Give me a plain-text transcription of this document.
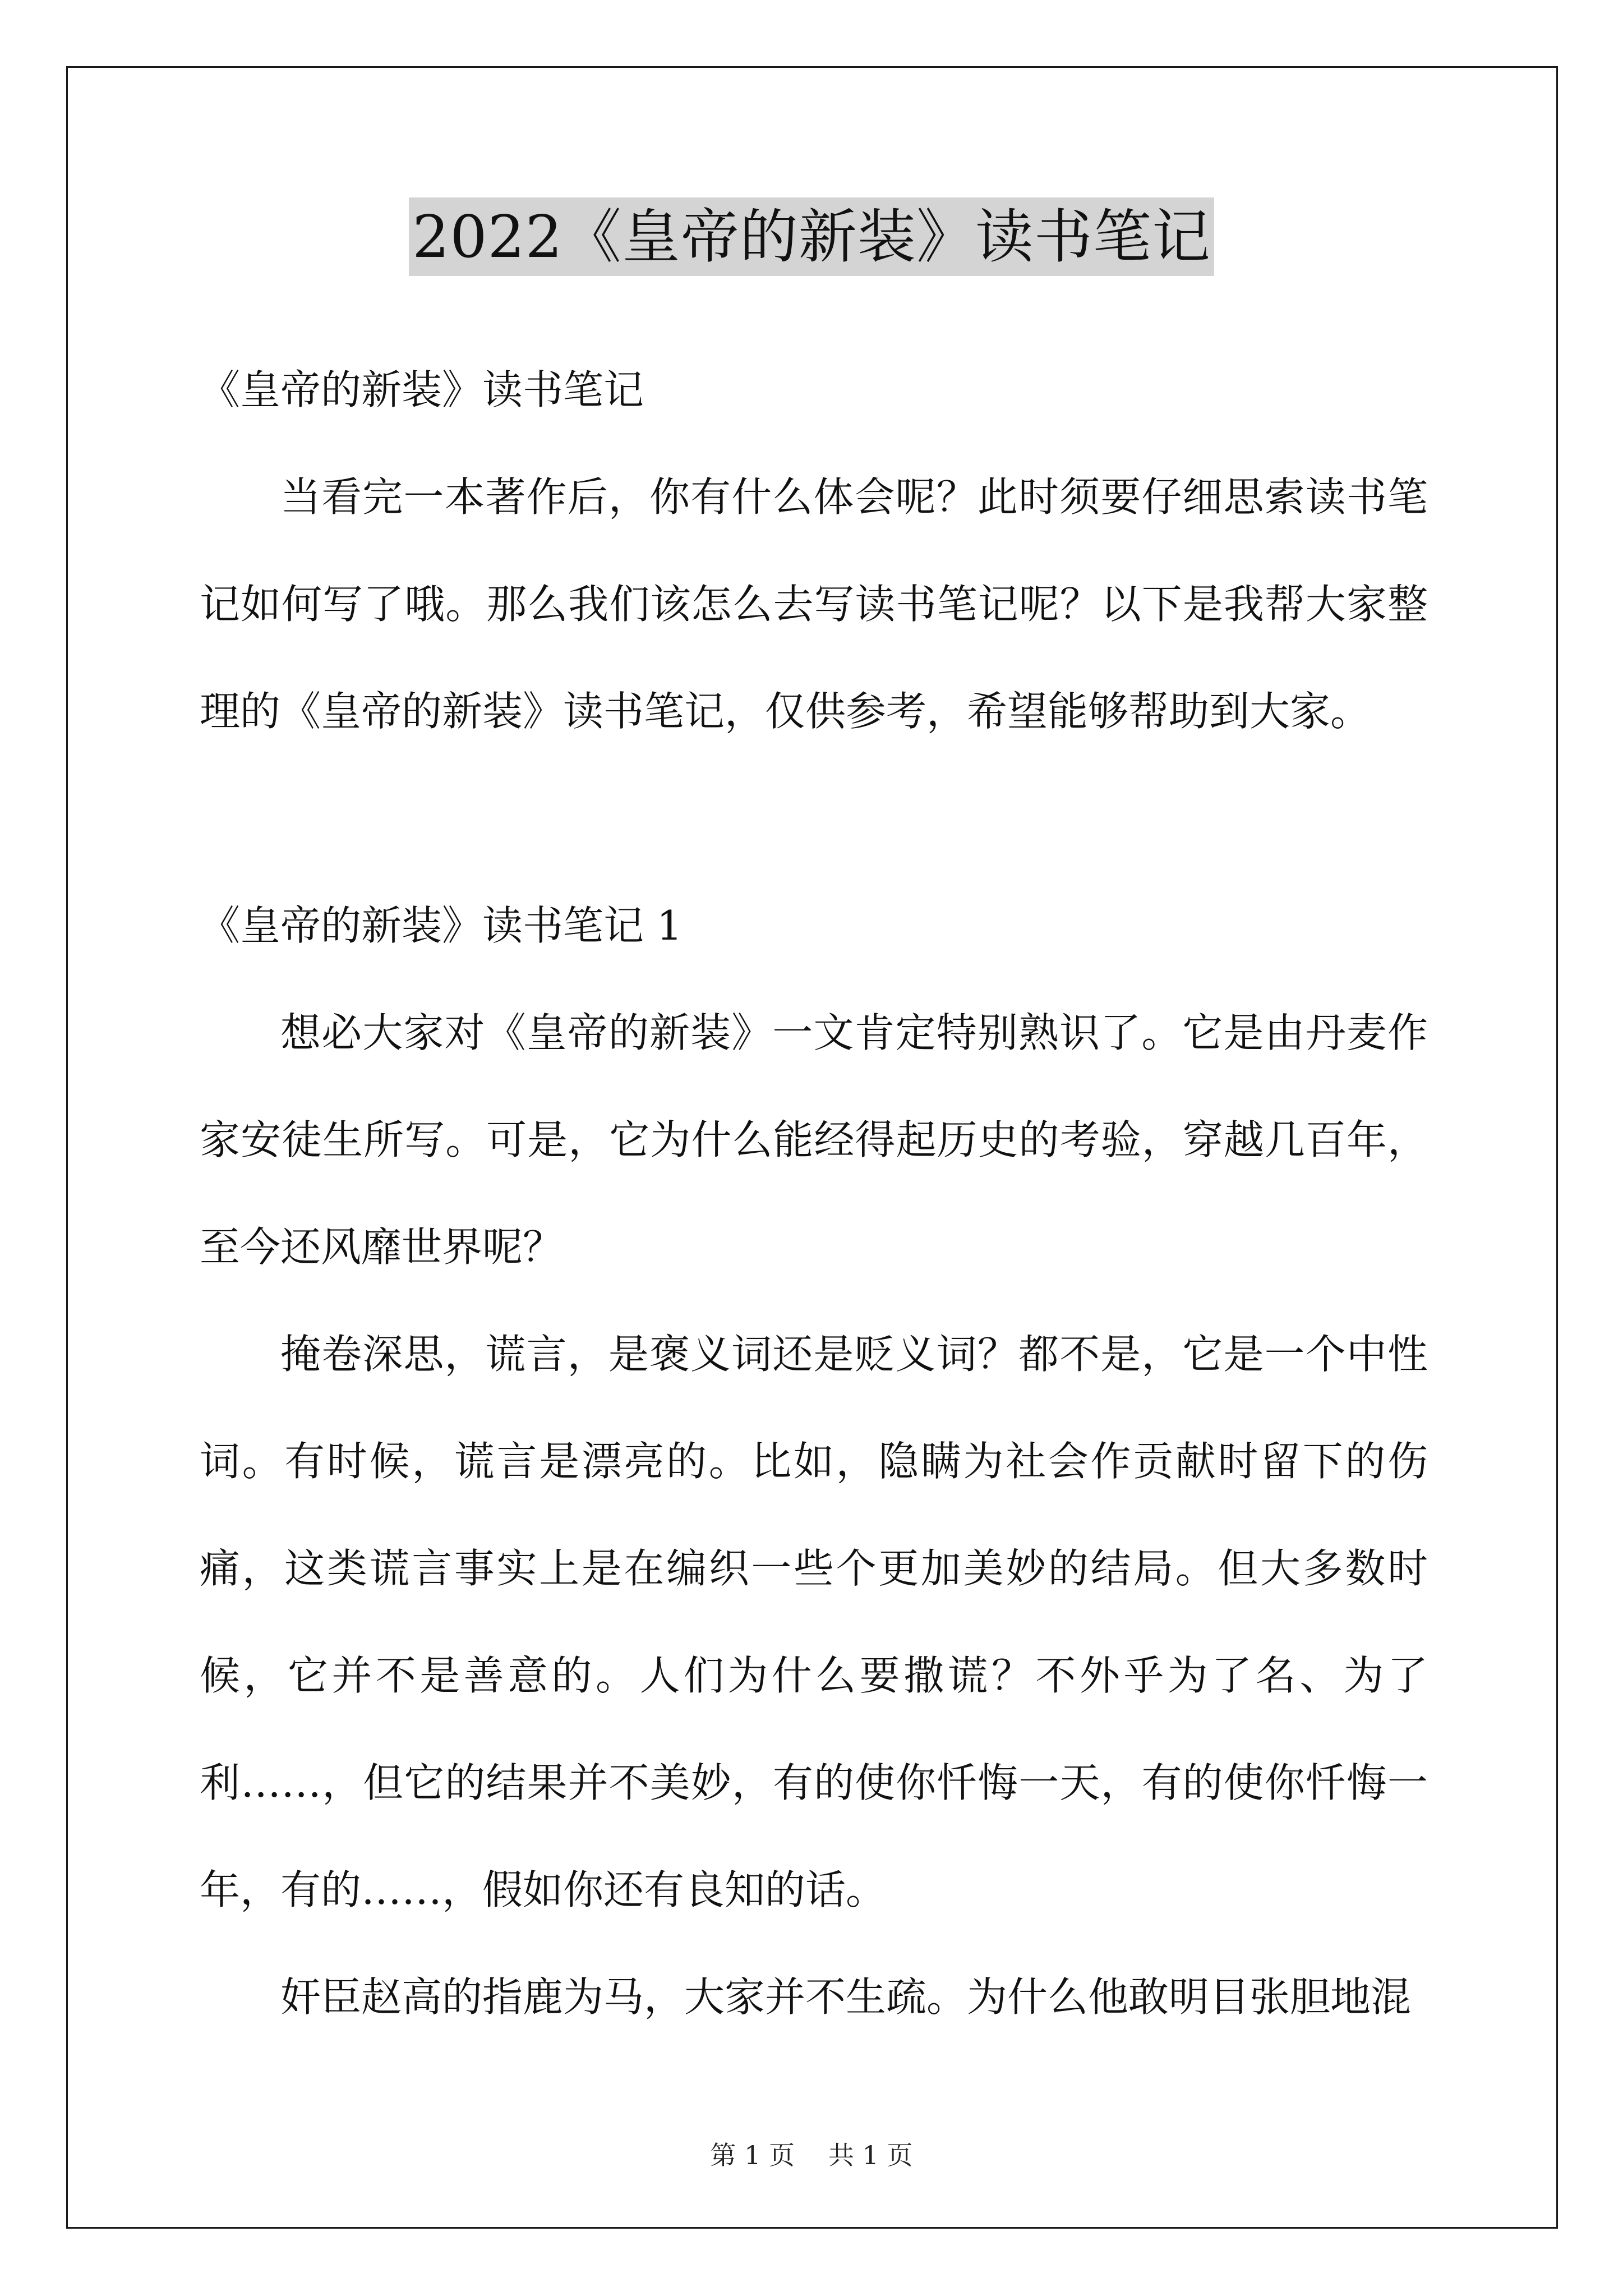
2022《皇帝的新装》读书笔记

《皇帝的新装》读书笔记

当看完一本著作后，你有什么体会呢？此时须要仔细思索读书笔记如何写了哦。那么我们该怎么去写读书笔记呢？以下是我帮大家整理的《皇帝的新装》读书笔记，仅供参考，希望能够帮助到大家。

《皇帝的新装》读书笔记 1

想必大家对《皇帝的新装》一文肯定特别熟识了。它是由丹麦作家安徒生所写。可是，它为什么能经得起历史的考验，穿越几百年，至今还风靡世界呢？

掩卷深思，谎言，是褒义词还是贬义词？都不是，它是一个中性词。有时候，谎言是漂亮的。比如，隐瞒为社会作贡献时留下的伤痛，这类谎言事实上是在编织一些个更加美妙的结局。但大多数时候，它并不是善意的。人们为什么要撒谎？不外乎为了名、为了利……，但它的结果并不美妙，有的使你忏悔一天，有的使你忏悔一年，有的……，假如你还有良知的话。

奸臣赵高的指鹿为马，大家并不生疏。为什么他敢明目张胆地混

第 1 页 共 1 页
